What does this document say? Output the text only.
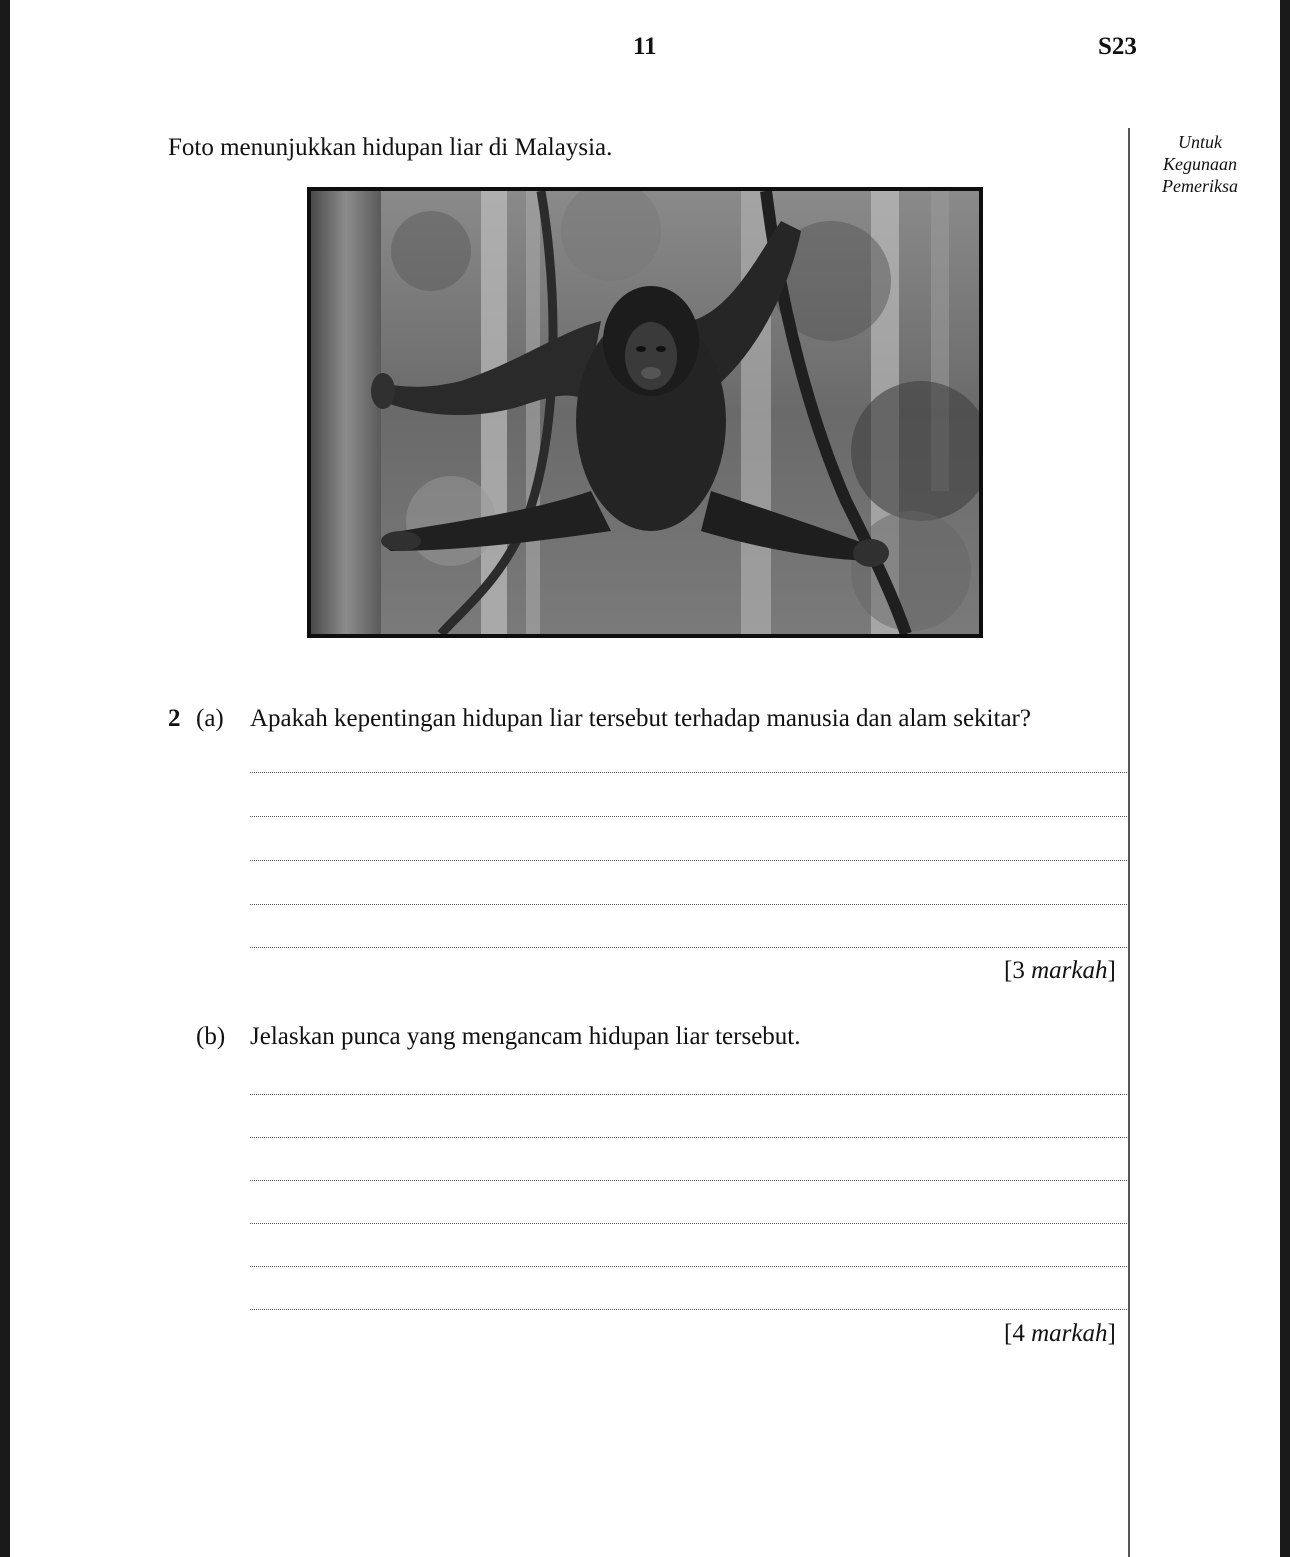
11	S23
Untuk
Kegunaan
Pemeriksa
Foto menunjukkan hidupan liar di Malaysia.
2 (a) Apakah kepentingan hidupan liar tersebut terhadap manusia dan alam sekitar?
[3 markah]
(b) Jelaskan punca yang mengancam hidupan liar tersebut.
[4 markah]
